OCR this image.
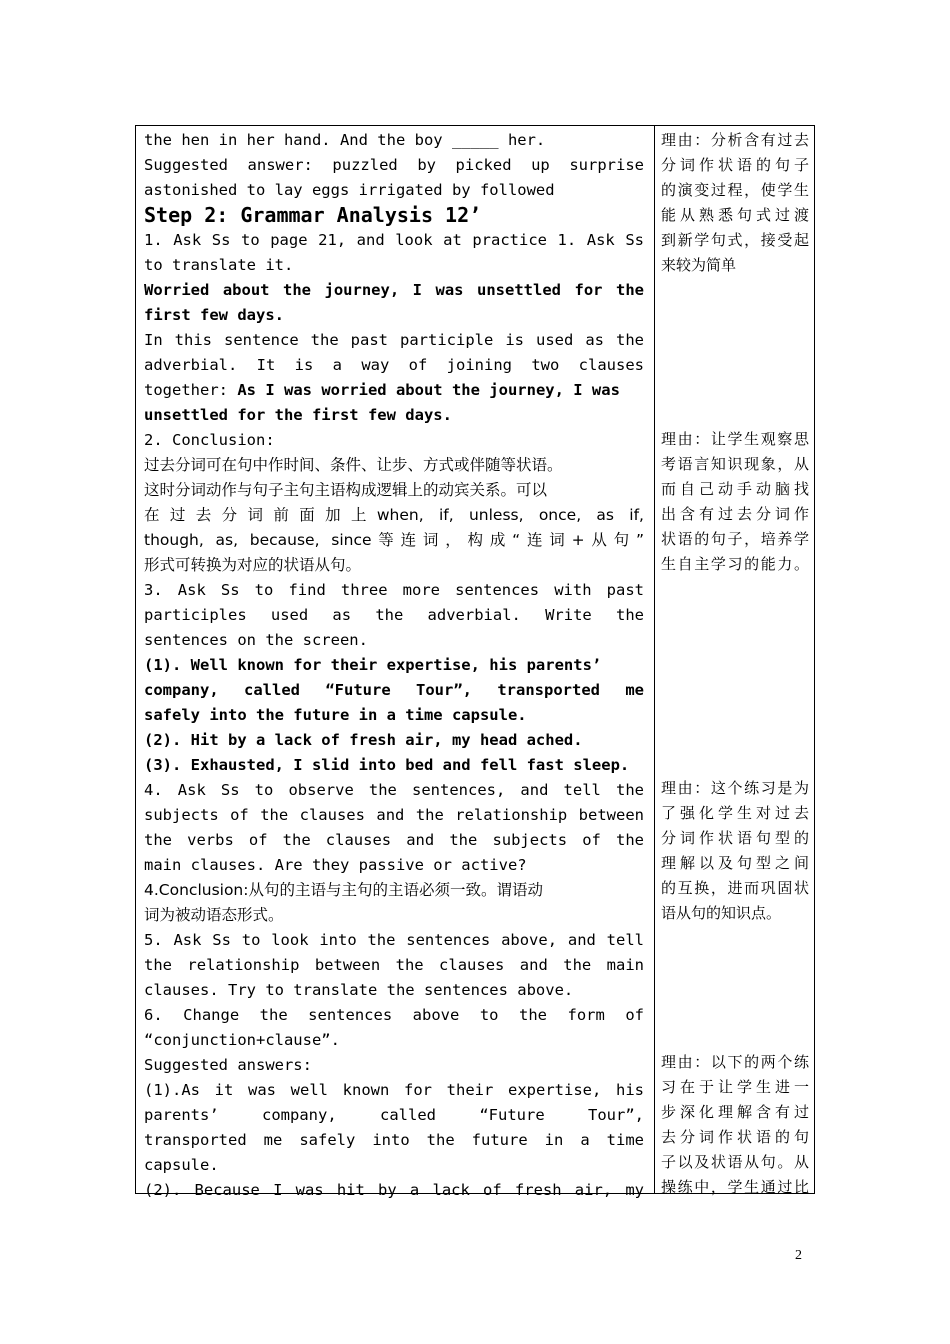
the hen in her hand. And the boy _____ her.
Suggested answer: puzzled by picked up surprise
astonished to lay eggs irrigated by followed
Step 2: Grammar Analysis 12’
1. Ask Ss to page 21, and look at practice 1. Ask Ss
to translate it.
Worried about the journey, I was unsettled for the
first few days.
In this sentence the past participle is used as the
adverbial. It is a way of joining two clauses
together: As I was worried about the journey, I was
unsettled for the first few days.
2. Conclusion:
过去分词可在句中作时间、条件、让步、方式或伴随等状语。
这时分词动作与句子主句主语构成逻辑上的动宾关系。可以
在过去分词前面加上when, if, unless, once, as if,
though, as, because, since等连词，构成“连词+从句”
形式可转换为对应的状语从句。
3. Ask Ss to find three more sentences with past
participles used as the adverbial. Write the
sentences on the screen.
(1). Well known for their expertise, his parents’
company, called “Future Tour”, transported me
safely into the future in a time capsule.
(2). Hit by a lack of fresh air, my head ached.
(3). Exhausted, I slid into bed and fell fast sleep.
4. Ask Ss to observe the sentences, and tell the
subjects of the clauses and the relationship between
the verbs of the clauses and the subjects of the
main clauses. Are they passive or active?
4.Conclusion:从句的主语与主句的主语必须一致。谓语动
词为被动语态形式。
5. Ask Ss to look into the sentences above, and tell
the relationship between the clauses and the main
clauses. Try to translate the sentences above.
6. Change the sentences above to the form of
“conjunction+clause”.
Suggested answers:
(1).As it was well known for their expertise, his
parents’ company, called “Future Tour”,
transported me safely into the future in a time
capsule.
(2). Because I was hit by a lack of fresh air, my
理由：分析含有过去
分词作状语的句子
的演变过程，使学生
能从熟悉句式过渡
到新学句式，接受起
来较为简单
理由：让学生观察思
考语言知识现象，从
而自己动手动脑找
出含有过去分词作
状语的句子，培养学
生自主学习的能力。
理由：这个练习是为
了强化学生对过去
分词作状语句型的
理解以及句型之间
的互换，进而巩固状
语从句的知识点。
理由：以下的两个练
习在于让学生进一
步深化理解含有过
去分词作状语的句
子以及状语从句。从
操练中，学生通过比
2
